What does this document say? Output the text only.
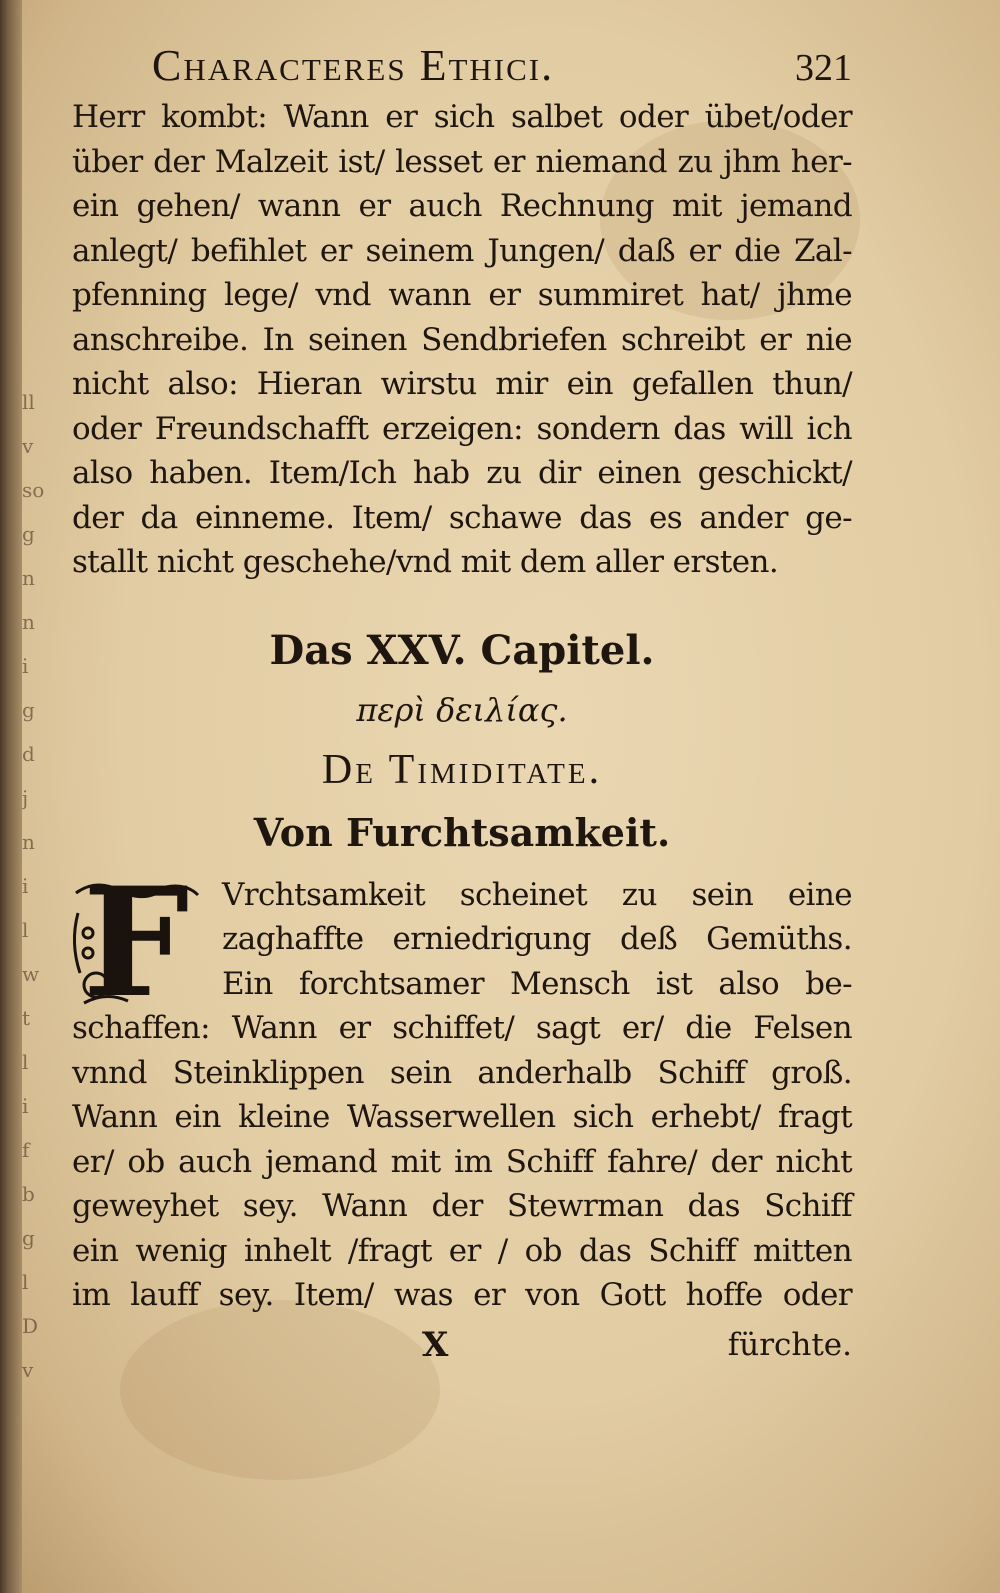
ll
v
so
g
n
n
i
g
d
j
n
i
l
w
t
l
i
f
b
g
l
D
v
Characteres Ethici.	321
Herr kombt: Wann er sich salbet oder übet/oder
über der Malzeit ist/ lesset er niemand zu jhm her-
ein gehen/ wann er auch Rechnung mit jemand
anlegt/ befihlet er seinem Jungen/ daß er die Zal-
pfenning lege/ vnd wann er summiret hat/ jhme
anschreibe. In seinen Sendbriefen schreibt er nie
nicht also: Hieran wirstu mir ein gefallen thun/
oder Freundschafft erzeigen: sondern das will ich
also haben. Item/Ich hab zu dir einen geschickt/
der da einneme. Item/ schawe das es ander ge-
stallt nicht geschehe/vnd mit dem aller ersten.
Das XXV. Capitel.
περὶ δειλίας.
De Timiditate.
Von Furchtsamkeit.
F	Vrchtsamkeit scheinet zu sein eine
zaghaffte erniedrigung deß Gemüths.
Ein forchtsamer Mensch ist also be-
schaffen: Wann er schiffet/ sagt er/ die Felsen
vnnd Steinklippen sein anderhalb Schiff groß.
Wann ein kleine Wasserwellen sich erhebt/ fragt
er/ ob auch jemand mit im Schiff fahre/ der nicht
geweyhet sey. Wann der Stewrman das Schiff
ein wenig inhelt /fragt er / ob das Schiff mitten
im lauff sey. Item/ was er von Gott hoffe oder
X	fürchte.
